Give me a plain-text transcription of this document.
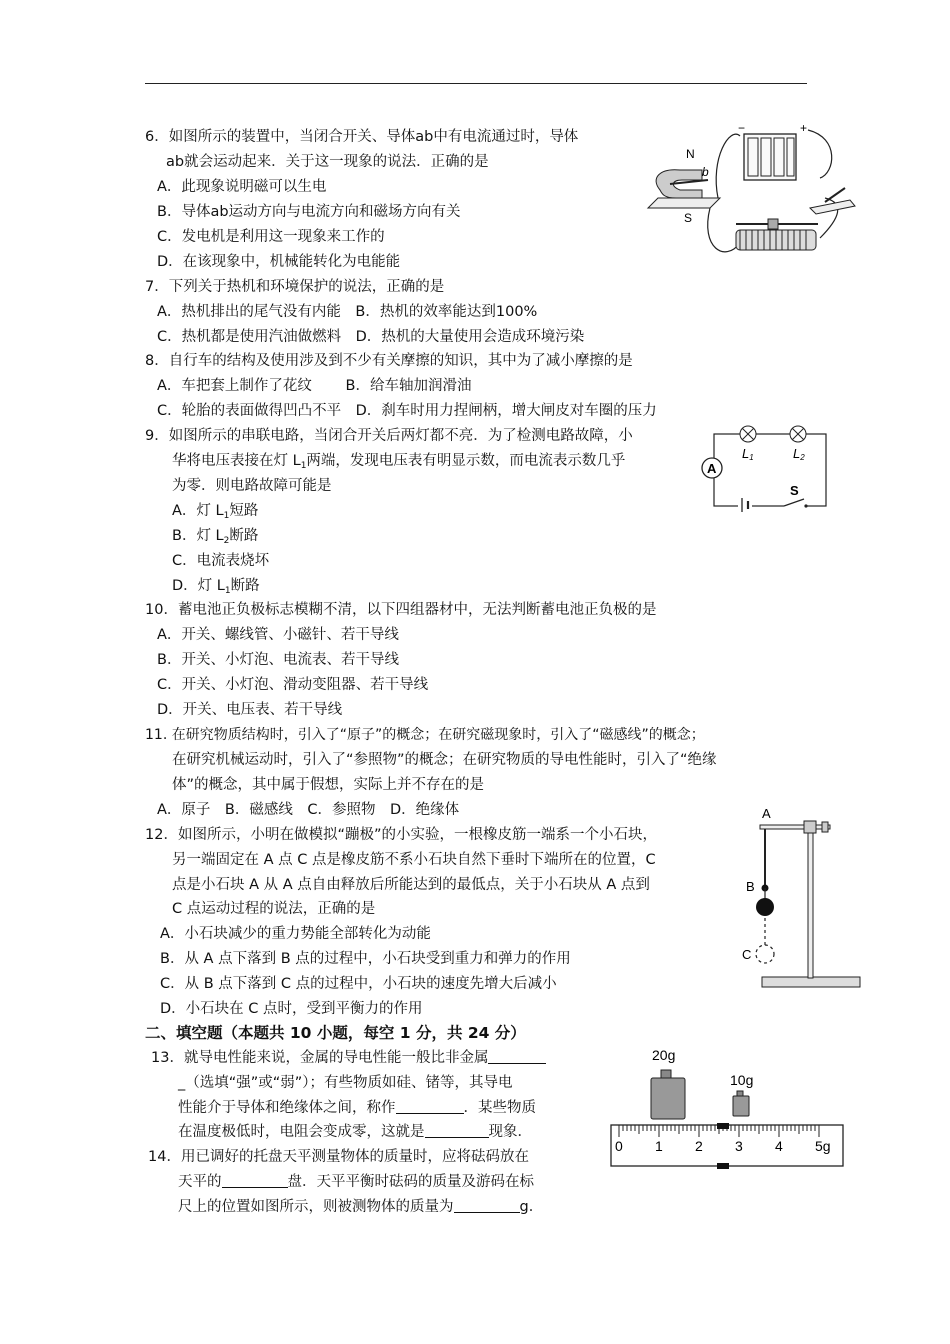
6．如图所示的装置中，当闭合开关、导体ab中有电流通过时，导体
ab就会运动起来．关于这一现象的说法．正确的是
A．此现象说明磁可以生电
B．导体ab运动方向与电流方向和磁场方向有关
C．发电机是利用这一现象来工作的
D．在该现象中，机械能转化为电能能
−	+
N
S
b
7．下列关于热机和环境保护的说法，正确的是
A．热机排出的尾气没有内能　B．热机的效率能达到100%
C．热机都是使用汽油做燃料　D．热机的大量使用会造成环境污染
8．自行车的结构及使用涉及到不少有关摩擦的知识，其中为了减小摩擦的是
A．车把套上制作了花纹　　 B．给车轴加润滑油
C．轮胎的表面做得凹凸不平　D．刹车时用力捏闸柄，增大闸皮对车圈的压力
9．如图所示的串联电路，当闭合开关后两灯都不亮．为了检测电路故障，小
华将电压表接在灯 $L_1$两端，发现电压表有明显示数，而电流表示数几乎
为零．则电路故障可能是
A．灯 $L_1$短路
B．灯 $L_2$断路
C．电流表烧坏
D．灯 $L_1$断路
L1	L2
A
S
10．蓄电池正负极标志模糊不清，以下四组器材中，无法判断蓄电池正负极的是
A．开关、螺线管、小磁针、若干导线
B．开关、小灯泡、电流表、若干导线
C．开关、小灯泡、滑动变阻器、若干导线
D．开关、电压表、若干导线
11. 在研究物质结构时，引入了“原子”的概念；在研究磁现象时，引入了“磁感线”的概念；
在研究机械运动时，引入了“参照物”的概念；在研究物质的导电性能时，引入了“绝缘
体”的概念，其中属于假想，实际上并不存在的是
A．原子　B．磁感线　C．参照物　D．绝缘体
12．如图所示，小明在做模拟“蹦极”的小实验，一根橡皮筋一端系一个小石块，
另一端固定在 A 点 C 点是橡皮筋不系小石块自然下垂时下端所在的位置，C
点是小石块 A 从 A 点自由释放后所能达到的最低点，关于小石块从 A 点到
C 点运动过程的说法，正确的是
A．小石块减少的重力势能全部转化为动能
B．从 A 点下落到 B 点的过程中，小石块受到重力和弹力的作用
C．从 B 点下落到 C 点的过程中，小石块的速度先增大后减小
D．小石块在 C 点时，受到平衡力的作用
A
B
C
二、填空题（本题共 10 小题，每空 1 分，共 24 分）
13．就导电性能来说，金属的导电性能一般比非金属
_（选填“强”或“弱”）；有些物质如硅、锗等，其导电
性能介于导体和绝缘体之间，称作	．某些物质
在温度极低时，电阻会变成零，这就是	现象．
14．用已调好的托盘天平测量物体的质量时，应将砝码放在
天平的	盘．天平平衡时砝码的质量及游码在标
尺上的位置如图所示，则被测物体的质量为	g．
20g
10g
0 1 2 3 4 5g
